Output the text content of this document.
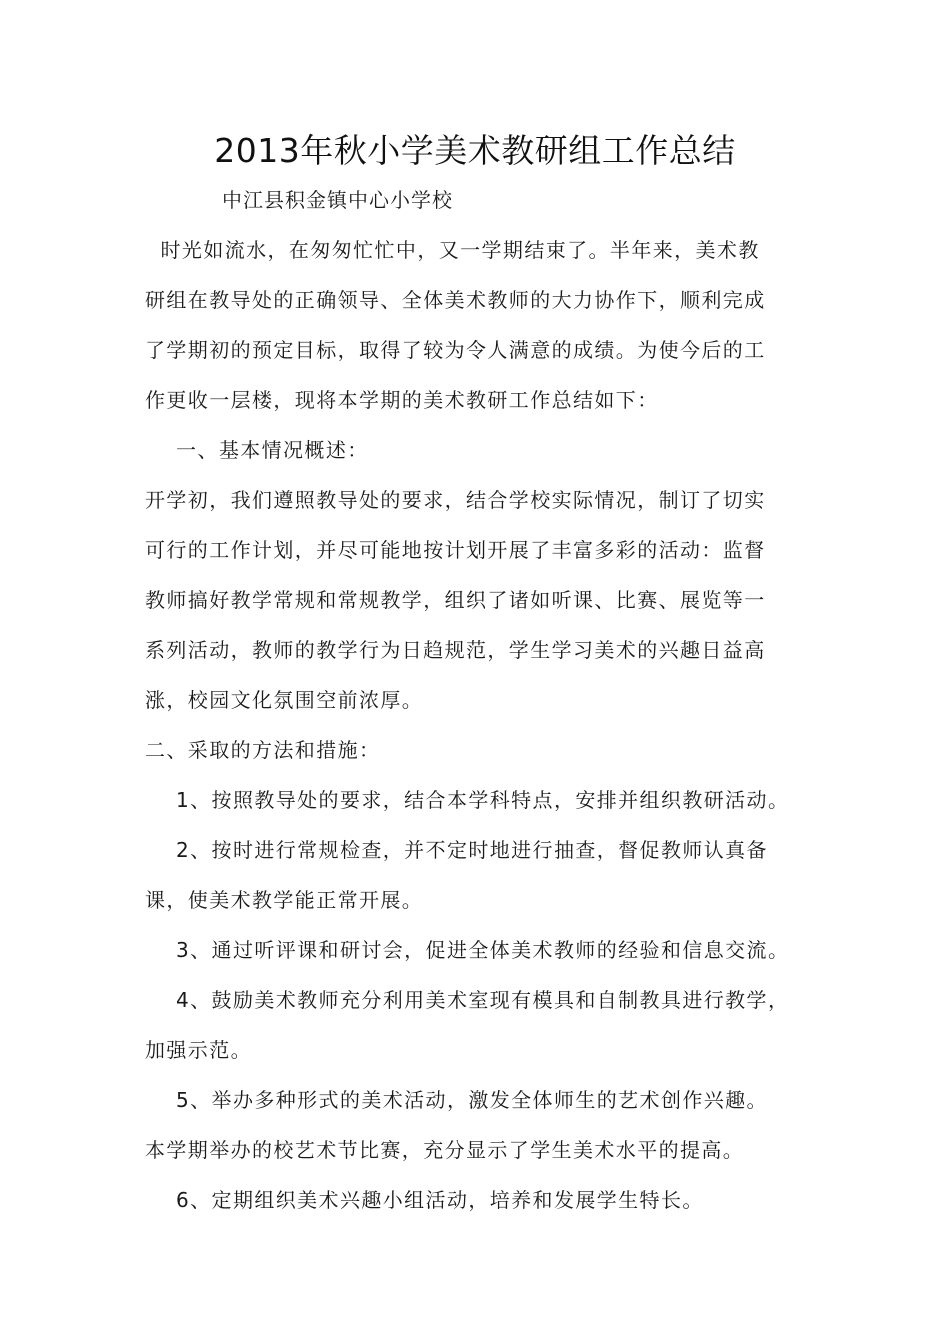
2013年秋小学美术教研组工作总结
中江县积金镇中心小学校
时光如流水，在匆匆忙忙中，又一学期结束了。半年来，美术教
研组在教导处的正确领导、全体美术教师的大力协作下，顺利完成
了学期初的预定目标，取得了较为令人满意的成绩。为使今后的工
作更收一层楼，现将本学期的美术教研工作总结如下：
一、基本情况概述：
开学初，我们遵照教导处的要求，结合学校实际情况，制订了切实
可行的工作计划，并尽可能地按计划开展了丰富多彩的活动：监督
教师搞好教学常规和常规教学，组织了诸如听课、比赛、展览等一
系列活动，教师的教学行为日趋规范，学生学习美术的兴趣日益高
涨，校园文化氛围空前浓厚。
二、采取的方法和措施：
1、按照教导处的要求，结合本学科特点，安排并组织教研活动。
2、按时进行常规检查，并不定时地进行抽查，督促教师认真备
课，使美术教学能正常开展。
3、通过听评课和研讨会，促进全体美术教师的经验和信息交流。
4、鼓励美术教师充分利用美术室现有模具和自制教具进行教学，
加强示范。
5、举办多种形式的美术活动，激发全体师生的艺术创作兴趣。
本学期举办的校艺术节比赛，充分显示了学生美术水平的提高。
6、定期组织美术兴趣小组活动，培养和发展学生特长。
